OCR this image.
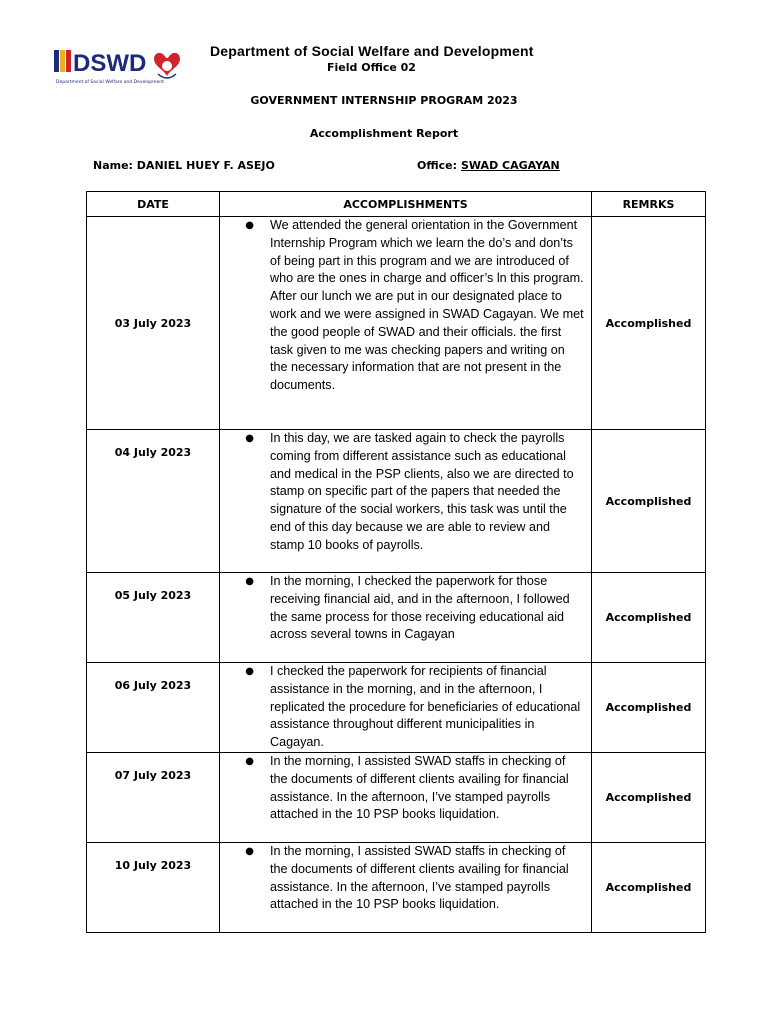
DSWD
Department of Social Welfare and Development
Department of Social Welfare and Development
Field Office 02
GOVERNMENT INTERNSHIP PROGRAM 2023
Accomplishment Report
Name: DANIEL HUEY F. ASEJO	Office: SWAD CAGAYAN
DATE	ACCOMPLISHMENTS	REMRKS
03 July 2023	● We attended the general orientation in the Government Internship Program which we learn the do’s and don’ts of being part in this program and we are introduced of who are the ones in charge and officer’s ln this program. After our lunch we are put in our designated place to work and we were assigned in SWAD Cagayan. We met the good people of SWAD and their officials. the first task given to me was checking papers and writing on the necessary information that are not present in the documents.	Accomplished
04 July 2023	● In this day, we are tasked again to check the payrolls coming from different assistance such as educational and medical in the PSP clients, also we are directed to stamp on specific part of the papers that needed the signature of the social workers, this task was until the end of this day because we are able to review and stamp 10 books of payrolls.	Accomplished
05 July 2023	● In the morning, I checked the paperwork for those receiving financial aid, and in the afternoon, I followed the same process for those receiving educational aid across several towns in Cagayan	Accomplished
06 July 2023	● I checked the paperwork for recipients of financial assistance in the morning, and in the afternoon, I replicated the procedure for beneficiaries of educational assistance throughout different municipalities in Cagayan.	Accomplished
07 July 2023	● In the morning, I assisted SWAD staffs in checking of the documents of different clients availing for financial assistance. In the afternoon, I’ve stamped payrolls attached in the 10 PSP books liquidation.	Accomplished
10 July 2023	● In the morning, I assisted SWAD staffs in checking of the documents of different clients availing for financial assistance. In the afternoon, I’ve stamped payrolls attached in the 10 PSP books liquidation.	Accomplished
